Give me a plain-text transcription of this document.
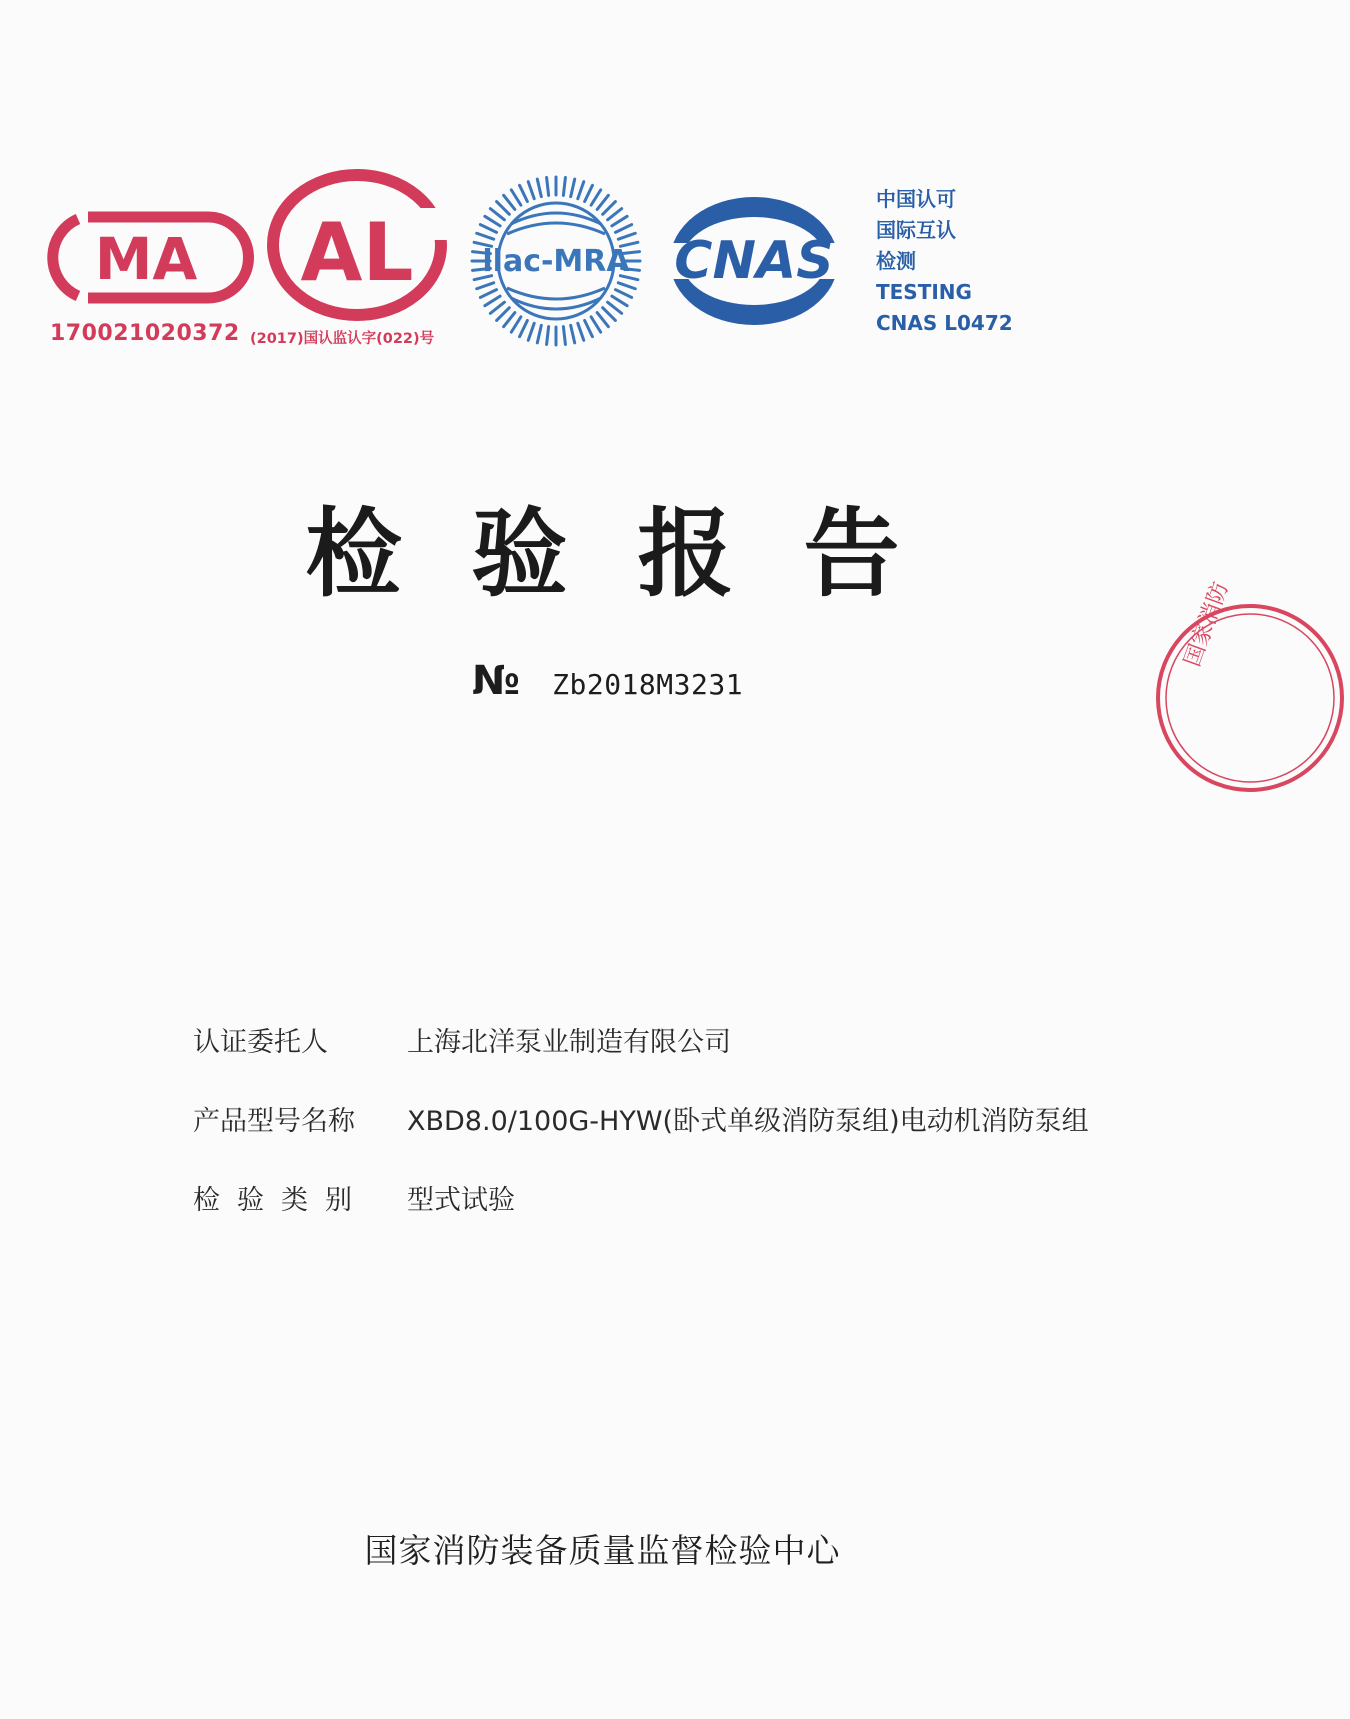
MA
170021020372
AL
(2017)国认监认字(022)号
ilac-MRA CNAS
中国认可
国际互认
检测
TESTING
CNAS L0472
国家消防
检 验 报 告
№ Zb2018M3231
认证委托人	上海北洋泵业制造有限公司
产品型号名称	XBD8.0/100G-HYW(卧式单级消防泵组)电动机消防泵组
检验类别	型式试验
国家消防装备质量监督检验中心
